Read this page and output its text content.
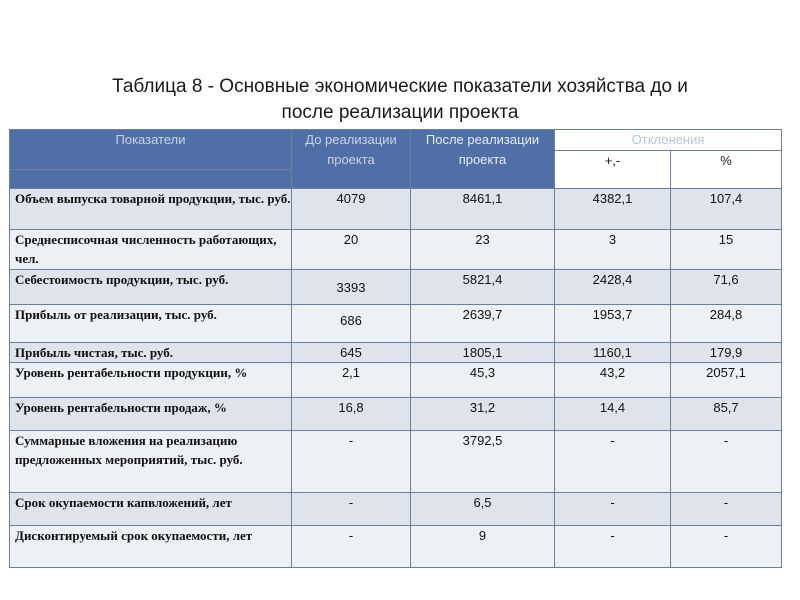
Таблица 8 - Основные экономические показатели хозяйства до и
после реализации проекта
Показатели	До реализации проекта	После реализации проекта	Отклонения	
			+,-	%

Объем выпуска товарной продукции, тыс. руб.	4079	8461,1	4382,1	107,4
Среднесписочная численность работающих, чел.	20	23	3	15
Себестоимость продукции, тыс. руб.	3393	5821,4	2428,4	71,6
Прибыль от реализации, тыс. руб.	686	2639,7	1953,7	284,8
Прибыль чистая, тыс. руб.	645	1805,1	1160,1	179,9
Уровень рентабельности продукции, %	2,1	45,3	43,2	2057,1
Уровень рентабельности продаж, %	16,8	31,2	14,4	85,7
Суммарные вложения на реализацию предложенных мероприятий, тыс. руб.	-	3792,5	-	-
Срок окупаемости капвложений, лет	-	6,5	-	-
Дисконтируемый срок окупаемости, лет	-	9	-	-
